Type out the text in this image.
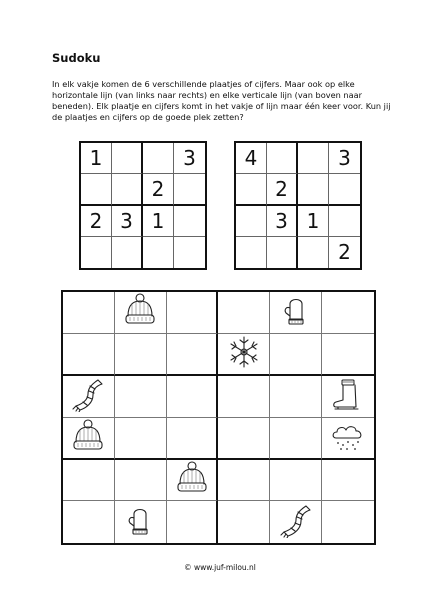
Sudoku

In elk vakje komen de 6 verschillende plaatjes of cijfers. Maar ook op elke horizontale lijn (van links naar rechts) en elke verticale lijn (van boven naar beneden). Elk plaatje en cijfers komt in het vakje of lijn maar één keer voor. Kun jij de plaatjes en cijfers op de goede plek zetten?

1	3
2
2 3 1
4	3
2
3 1
2
© www.juf-milou.nl
